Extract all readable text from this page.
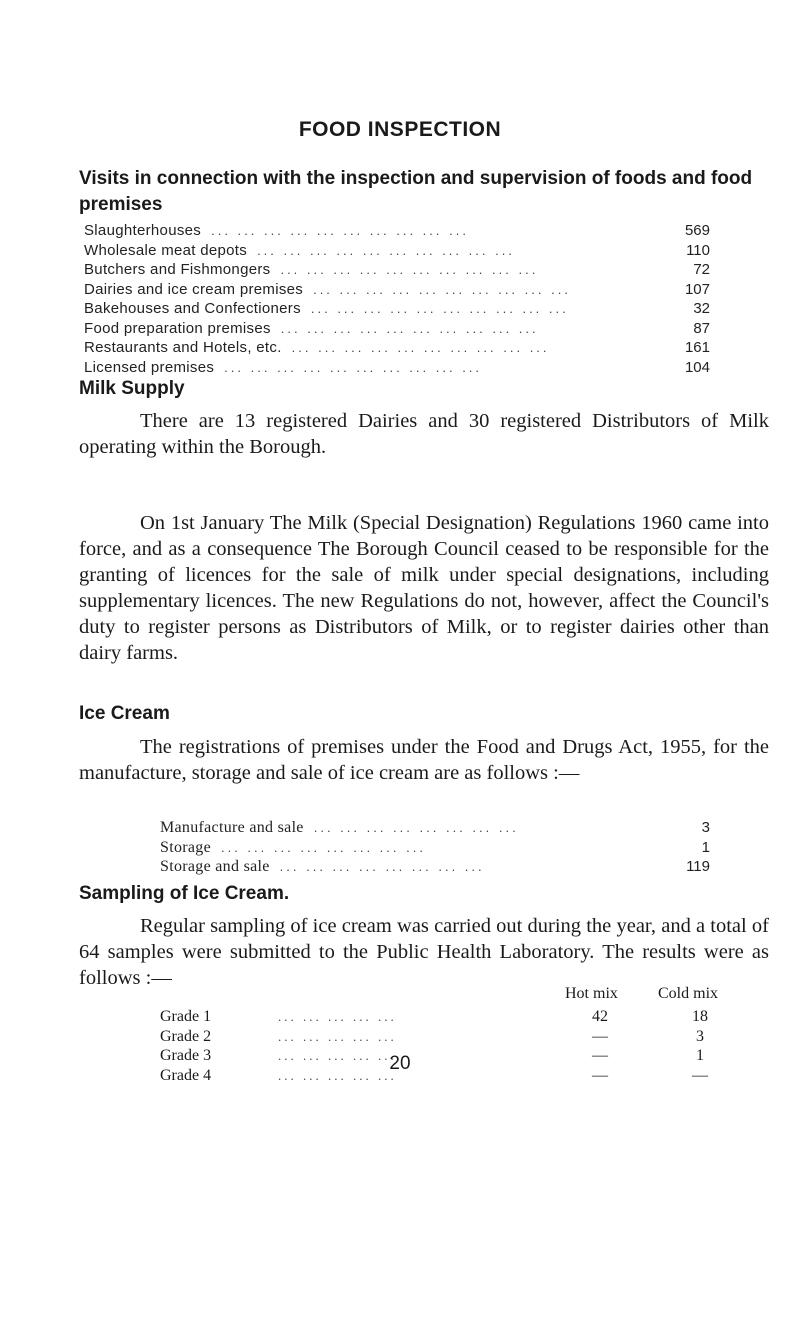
FOOD INSPECTION
Visits in connection with the inspection and supervision of foods and food premises
Slaughterhouses ... ... ... ... ... ... ... ... ... ...	569
Wholesale meat depots ... ... ... ... ... ... ... ... ... ...	110
Butchers and Fishmongers ... ... ... ... ... ... ... ... ... ...	72
Dairies and ice cream premises ... ... ... ... ... ... ... ... ... ...	107
Bakehouses and Confectioners ... ... ... ... ... ... ... ... ... ...	32
Food preparation premises ... ... ... ... ... ... ... ... ... ...	87
Restaurants and Hotels, etc. ... ... ... ... ... ... ... ... ... ...	161
Licensed premises ... ... ... ... ... ... ... ... ... ...	104
Milk Supply
There are 13 registered Dairies and 30 registered Distributors of Milk operating within the Borough.
On 1st January The Milk (Special Designation) Regulations 1960 came into force, and as a consequence The Borough Council ceased to be responsible for the granting of licences for the sale of milk under special designations, including supplementary licences. The new Regulations do not, however, affect the Council's duty to register persons as Distributors of Milk, or to register dairies other than dairy farms.
Ice Cream
The registrations of premises under the Food and Drugs Act, 1955, for the manufacture, storage and sale of ice cream are as follows :—
Manufacture and sale ... ... ... ... ... ... ... ...	3
Storage ... ... ... ... ... ... ... ...	1
Storage and sale ... ... ... ... ... ... ... ...	119
Sampling of Ice Cream.
Regular sampling of ice cream was carried out during the year, and a total of 64 samples were submitted to the Public Health Laboratory. The results were as follows :—
Hot mix	Cold mix
Grade 1	... ... ... ... ...	42	18
Grade 2	... ... ... ... ...	—	3
Grade 3	... ... ... ... ...	—	1
Grade 4	... ... ... ... ...	—	—
20
